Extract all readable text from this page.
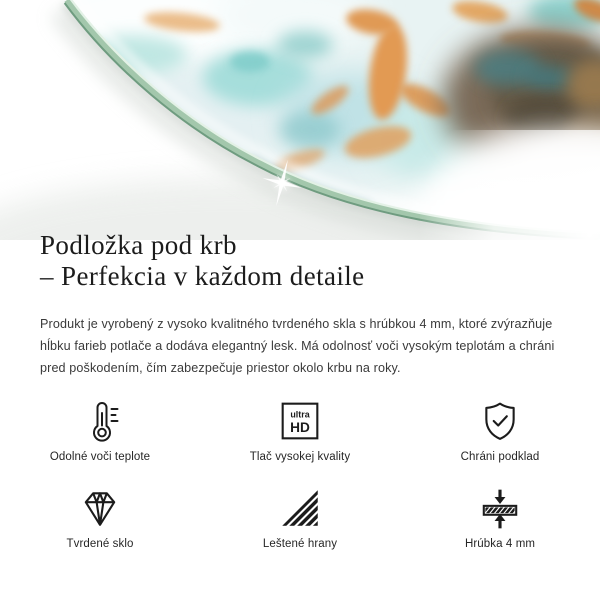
Podložka pod krb
– Perfekcia v každom detaile

Produkt je vyrobený z vysoko kvalitného tvrdeného skla s hrúbkou 4 mm, ktoré zvýrazňuje hĺbku farieb potlače a dodáva elegantný lesk. Má odolnosť voči vysokým teplotám a chráni pred poškodením, čím zabezpečuje priestor okolo krbu na roky.

Odolné voči teplote
ultra
HD
Tlač vysokej kvality	Chráni podklad
Tvrdené sklo	Leštené hrany	Hrúbka 4 mm
